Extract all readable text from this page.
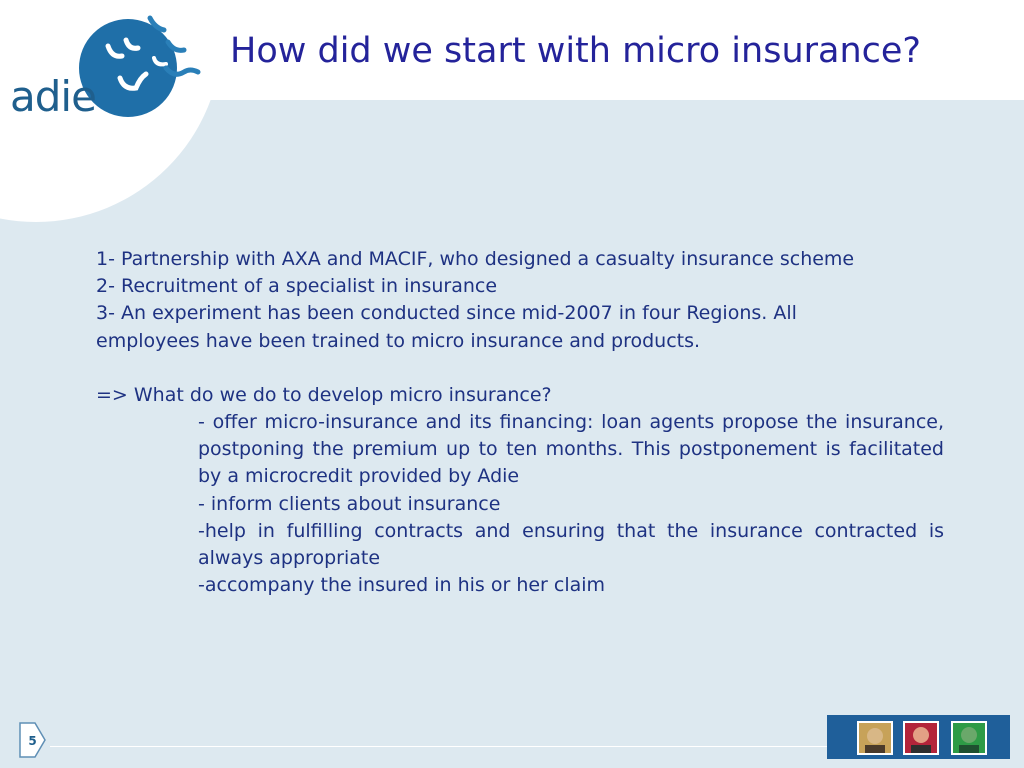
adie
How did we start with micro insurance?

1- Partnership with AXA and MACIF, who designed a casualty insurance scheme

2- Recruitment of a specialist in insurance

3- An experiment has been conducted since mid-2007 in four Regions. All employees have been trained to micro insurance and products.

=> What do we do to develop micro insurance?

- offer micro-insurance and its financing: loan agents propose the insurance, postponing the premium up to ten months. This postponement is facilitated by a microcredit provided by Adie

- inform clients about insurance

-help in fulfilling contracts and ensuring that the insurance contracted is always appropriate

-accompany the insured in his or her claim

5
